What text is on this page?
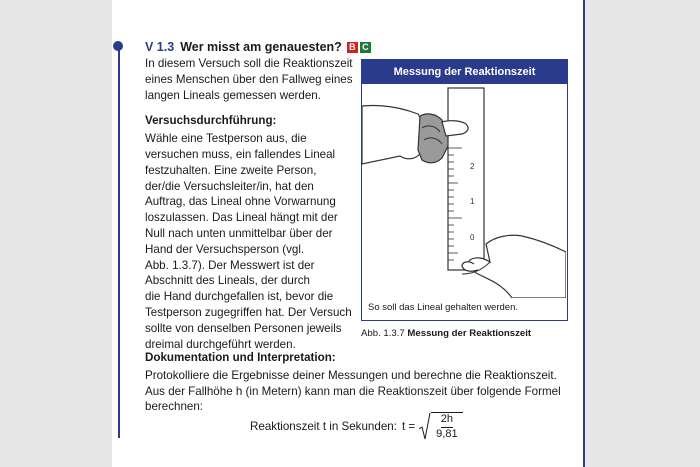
V 1.3 Wer misst am genauesten? B C
In diesem Versuch soll die Reaktionszeit
eines Menschen über den Fallweg eines
langen Lineals gemessen werden.
Versuchsdurchführung:
Wähle eine Testperson aus, die
versuchen muss, ein fallendes Lineal
festzuhalten. Eine zweite Person,
der/die Versuchsleiter/in, hat den
Auftrag, das Lineal ohne Vorwarnung
loszulassen. Das Lineal hängt mit der
Null nach unten unmittelbar über der
Hand der Versuchsperson (vgl.
Abb. 1.3.7). Der Messwert ist der
Abschnitt des Lineals, der durch
die Hand durchgefallen ist, bevor die
Testperson zugegriffen hat. Der Versuch
sollte von denselben Personen jeweils
dreimal durchgeführt werden.
Messung der Reaktionszeit
2
1
0
So soll das Lineal gehalten werden.
Abb. 1.3.7 Messung der Reaktionszeit
Dokumentation und Interpretation:
Protokolliere die Ergebnisse deiner Messungen und berechne die Reaktionszeit.
Aus der Fallhöhe h (in Metern) kann man die Reaktionszeit über folgende Formel
berechnen:
Reaktionszeit t in Sekunden: $t = \frac{2h}{9,81}$
